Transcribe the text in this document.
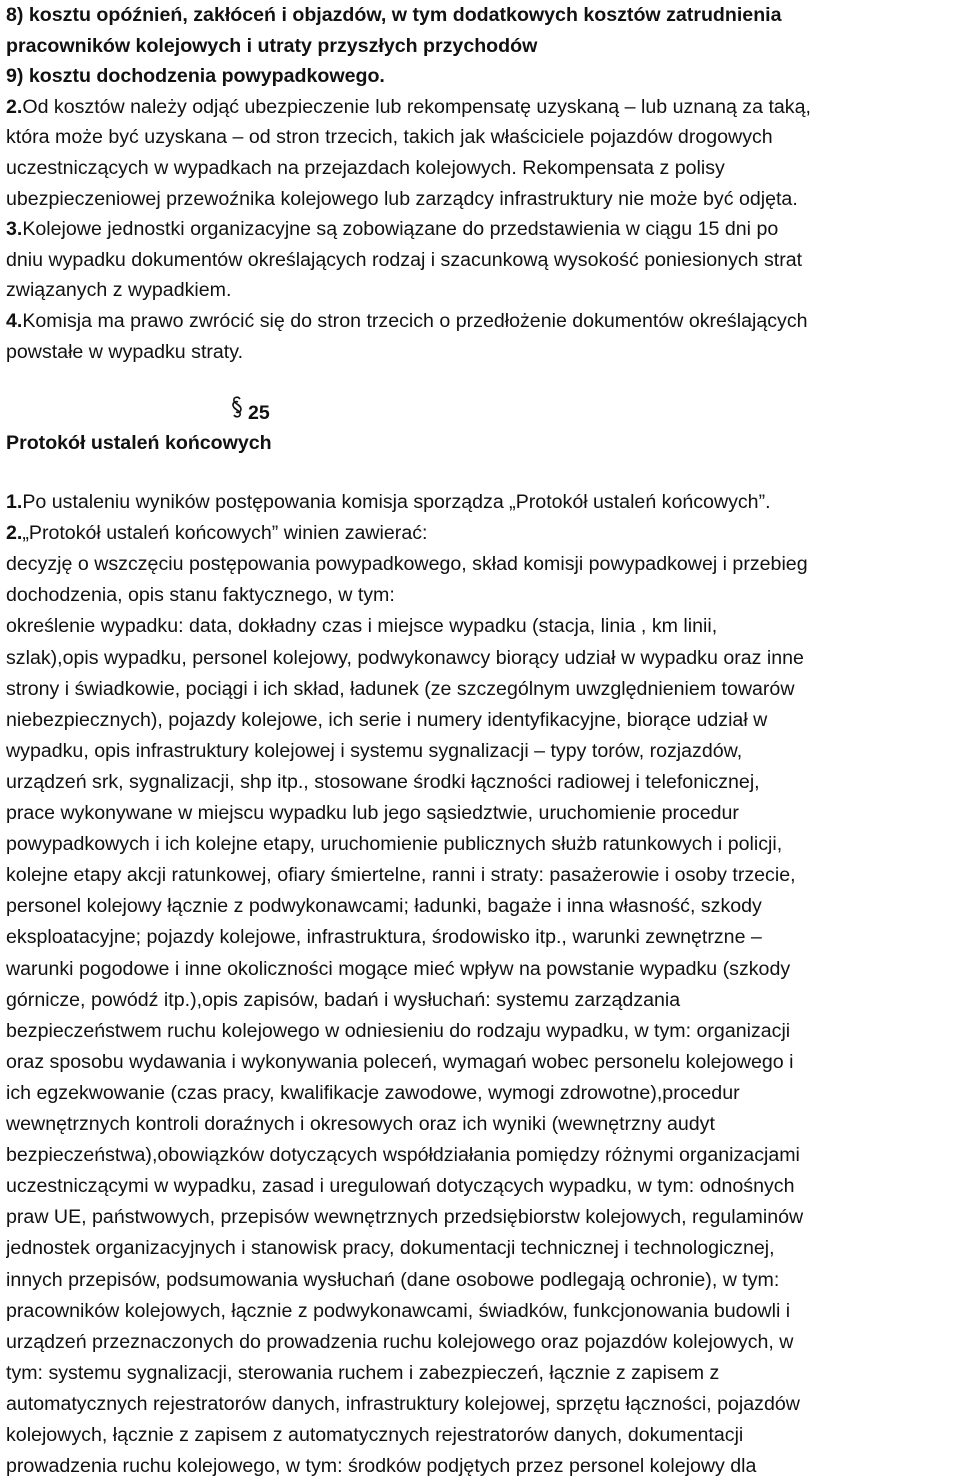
8) kosztu opóźnień, zakłóceń i objazdów, w tym dodatkowych kosztów zatrudnienia
pracowników kolejowych i utraty przyszłych przychodów
9) kosztu dochodzenia powypadkowego.
2.Od kosztów należy odjąć ubezpieczenie lub rekompensatę uzyskaną – lub uznaną za taką,
która może być uzyskana – od stron trzecich, takich jak właściciele pojazdów drogowych
uczestniczących w wypadkach na przejazdach kolejowych. Rekompensata z polisy
ubezpieczeniowej przewoźnika kolejowego lub zarządcy infrastruktury nie może być odjęta.
3.Kolejowe jednostki organizacyjne są zobowiązane do przedstawienia w ciągu 15 dni po
dniu wypadku dokumentów określających rodzaj i szacunkową wysokość poniesionych strat
związanych z wypadkiem.
4.Komisja ma prawo zwrócić się do stron trzecich o przedłożenie dokumentów określających
powstałe w wypadku straty.
25
Protokół ustaleń końcowych
1.Po ustaleniu wyników postępowania komisja sporządza „Protokół ustaleń końcowych”.
2.„Protokół ustaleń końcowych” winien zawierać:
decyzję o wszczęciu postępowania powypadkowego, skład komisji powypadkowej i przebieg
dochodzenia, opis stanu faktycznego, w tym:
określenie wypadku: data, dokładny czas i miejsce wypadku (stacja, linia , km linii,
szlak),opis wypadku, personel kolejowy, podwykonawcy biorący udział w wypadku oraz inne
strony i świadkowie, pociągi i ich skład, ładunek (ze szczególnym uwzględnieniem towarów
niebezpiecznych), pojazdy kolejowe, ich serie i numery identyfikacyjne, biorące udział w
wypadku, opis infrastruktury kolejowej i systemu sygnalizacji – typy torów, rozjazdów,
urządzeń srk, sygnalizacji, shp itp., stosowane środki łączności radiowej i telefonicznej,
prace wykonywane w miejscu wypadku lub jego sąsiedztwie, uruchomienie procedur
powypadkowych i ich kolejne etapy, uruchomienie publicznych służb ratunkowych i policji,
kolejne etapy akcji ratunkowej, ofiary śmiertelne, ranni i straty: pasażerowie i osoby trzecie,
personel kolejowy łącznie z podwykonawcami; ładunki, bagaże i inna własność, szkody
eksploatacyjne; pojazdy kolejowe, infrastruktura, środowisko itp., warunki zewnętrzne –
warunki pogodowe i inne okoliczności mogące mieć wpływ na powstanie wypadku (szkody
górnicze, powódź itp.),opis zapisów, badań i wysłuchań: systemu zarządzania
bezpieczeństwem ruchu kolejowego w odniesieniu do rodzaju wypadku, w tym: organizacji
oraz sposobu wydawania i wykonywania poleceń, wymagań wobec personelu kolejowego i
ich egzekwowanie (czas pracy, kwalifikacje zawodowe, wymogi zdrowotne),procedur
wewnętrznych kontroli doraźnych i okresowych oraz ich wyniki (wewnętrzny audyt
bezpieczeństwa),obowiązków dotyczących współdziałania pomiędzy różnymi organizacjami
uczestniczącymi w wypadku, zasad i uregulowań dotyczących wypadku, w tym: odnośnych
praw UE, państwowych, przepisów wewnętrznych przedsiębiorstw kolejowych, regulaminów
jednostek organizacyjnych i stanowisk pracy, dokumentacji technicznej i technologicznej,
innych przepisów, podsumowania wysłuchań (dane osobowe podlegają ochronie), w tym:
pracowników kolejowych, łącznie z podwykonawcami, świadków, funkcjonowania budowli i
urządzeń przeznaczonych do prowadzenia ruchu kolejowego oraz pojazdów kolejowych, w
tym: systemu sygnalizacji, sterowania ruchem i zabezpieczeń, łącznie z zapisem z
automatycznych rejestratorów danych, infrastruktury kolejowej, sprzętu łączności, pojazdów
kolejowych, łącznie z zapisem z automatycznych rejestratorów danych, dokumentacji
prowadzenia ruchu kolejowego, w tym: środków podjętych przez personel kolejowy dla
